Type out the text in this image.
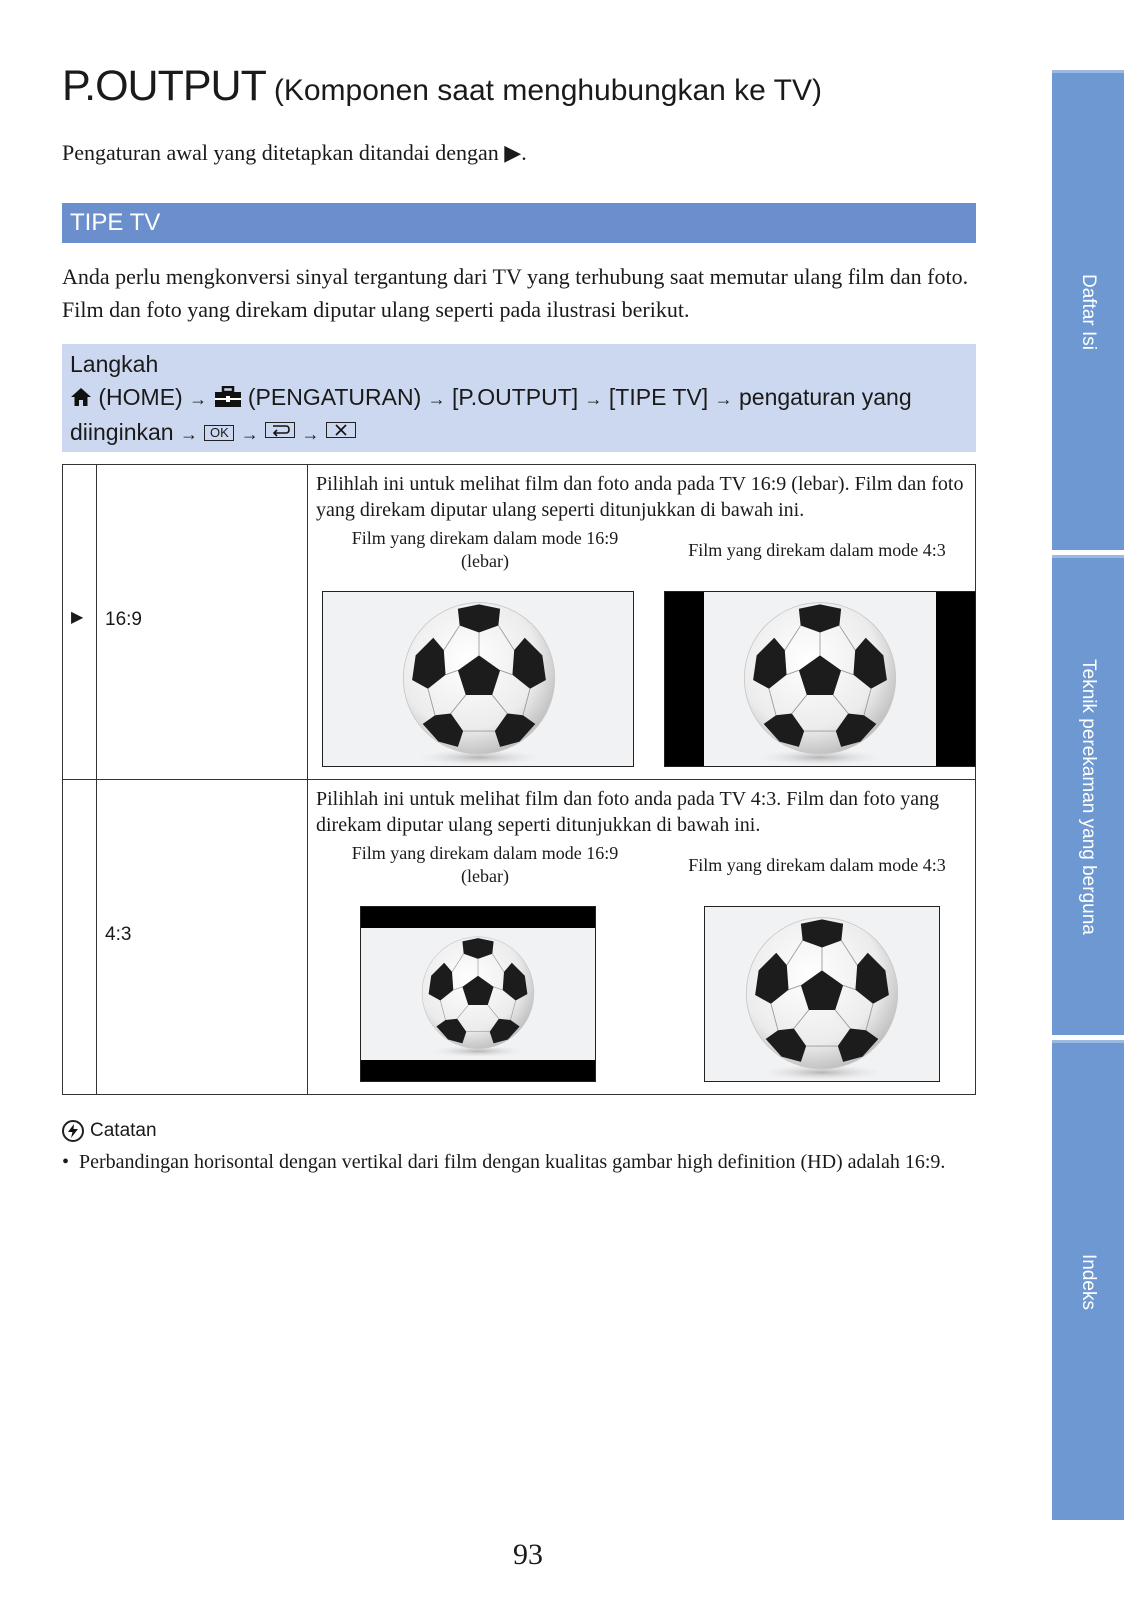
P.OUTPUT (Komponen saat menghubungkan ke TV)
Pengaturan awal yang ditetapkan ditandai dengan ▶.
TIPE TV
Anda perlu mengkonversi sinyal tergantung dari TV yang terhubung saat memutar ulang film dan foto. Film dan foto yang direkam diputar ulang seperti pada ilustrasi berikut.
Langkah
(HOME) → (PENGATURAN) → [P.OUTPUT] → [TIPE TV] → pengaturan yang
diinginkan → OK → →
▶	16:9	Pilihlah ini untuk melihat film dan foto anda pada TV 16:9 (lebar). Film dan foto yang direkam diputar ulang seperti ditunjukkan di bawah ini.
Film yang direkam dalam mode 16:9
(lebar)
Film yang direkam dalam mode 4:3

	4:3	Pilihlah ini untuk melihat film dan foto anda pada TV 4:3. Film dan foto yang direkam diputar ulang seperti ditunjukkan di bawah ini.
Film yang direkam dalam mode 16:9
(lebar)
Film yang direkam dalam mode 4:3
Catatan
• Perbandingan horisontal dengan vertikal dari film dengan kualitas gambar high definition (HD) adalah 16:9.
Daftar Isi
Teknik perekaman yang berguna
Indeks
93
